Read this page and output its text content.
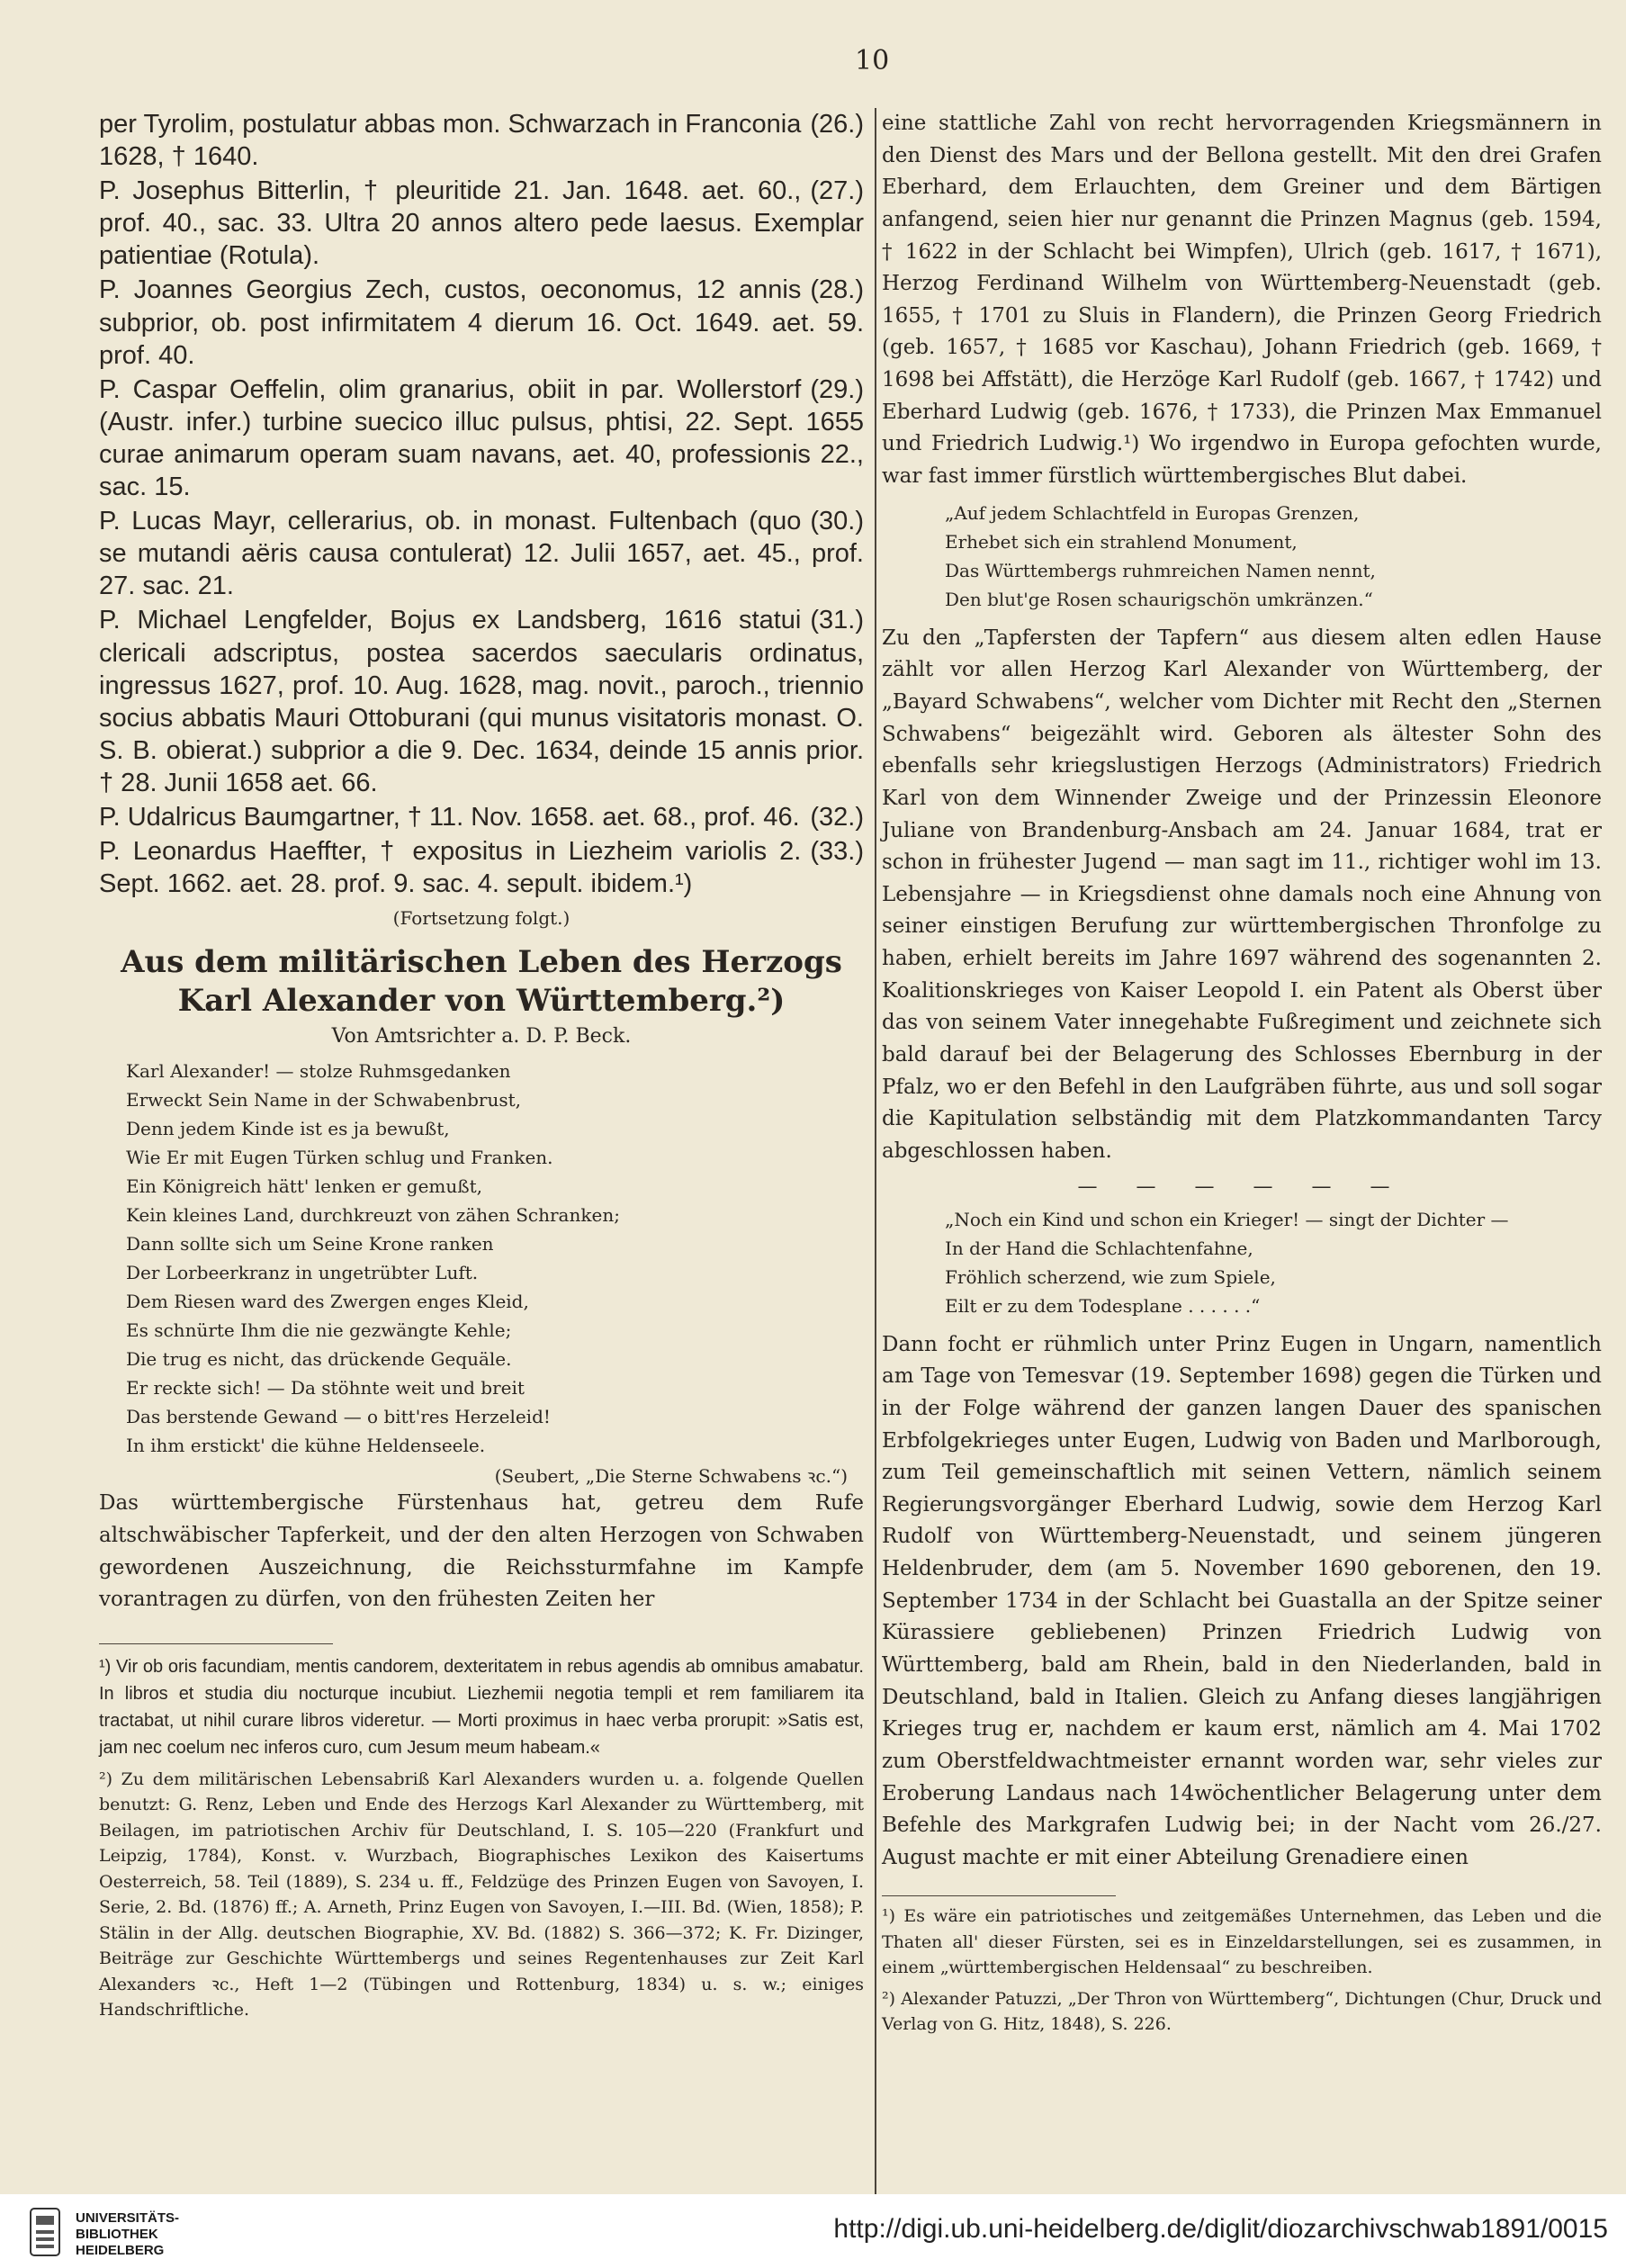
10

(26.)
per Tyrolim, postulatur abbas mon. Schwarzach in Franconia 1628, † 1640.

(27.)
P. Josephus Bitterlin, † pleuritide 21. Jan. 1648. aet. 60., prof. 40., sac. 33. Ultra 20 annos altero pede laesus. Exemplar patientiae (Rotula).

(28.)
P. Joannes Georgius Zech, custos, oeconomus, 12 annis subprior, ob. post infirmitatem 4 dierum 16. Oct. 1649. aet. 59. prof. 40.

(29.)
P. Caspar Oeffelin, olim granarius, obiit in par. Wollerstorf (Austr. infer.) turbine suecico illuc pulsus, phtisi, 22. Sept. 1655 curae animarum operam suam navans, aet. 40, professionis 22., sac. 15.

(30.)
P. Lucas Mayr, cellerarius, ob. in monast. Fultenbach (quo se mutandi aëris causa contulerat) 12. Julii 1657, aet. 45., prof. 27. sac. 21.

(31.)
P. Michael Lengfelder, Bojus ex Landsberg, 1616 statui clericali adscriptus, postea sacerdos saecularis ordinatus, ingressus 1627, prof. 10. Aug. 1628, mag. novit., paroch., triennio socius abbatis Mauri Ottoburani (qui munus visitatoris monast. O. S. B. obierat.) subprior a die 9. Dec. 1634, deinde 15 annis prior. † 28. Junii 1658 aet. 66.

(32.)
P. Udalricus Baumgartner, † 11. Nov. 1658. aet. 68., prof. 46.

(33.)
P. Leonardus Haeffter, † expositus in Liezheim variolis 2. Sept. 1662. aet. 28. prof. 9. sac. 4. sepult. ibidem.¹)

(Fortsetzung folgt.)
Aus dem militärischen Leben des Herzogs Karl Alexander von Württemberg.²)
Von Amtsrichter a. D. P. Beck.
Karl Alexander! — stolze Ruhmsgedanken
Erweckt Sein Name in der Schwabenbrust,
Denn jedem Kinde ist es ja bewußt,
Wie Er mit Eugen Türken schlug und Franken.
Ein Königreich hätt' lenken er gemußt,
Kein kleines Land, durchkreuzt von zähen Schranken;
Dann sollte sich um Seine Krone ranken
Der Lorbeerkranz in ungetrübter Luft.
Dem Riesen ward des Zwergen enges Kleid,
Es schnürte Ihm die nie gezwängte Kehle;
Die trug es nicht, das drückende Gequäle.
Er reckte sich! — Da stöhnte weit und breit
Das berstende Gewand — o bitt'res Herzeleid!
In ihm erstickt' die kühne Heldenseele.
(Seubert, „Die Sterne Schwabens ꝛc.“)
Das württembergische Fürstenhaus hat, getreu dem Rufe altschwäbischer Tapferkeit, und der den alten Herzogen von Schwaben gewordenen Auszeichnung, die Reichssturmfahne im Kampfe vorantragen zu dürfen, von den frühesten Zeiten her
¹) Vir ob oris facundiam, mentis candorem, dexteritatem in rebus agendis ab omnibus amabatur. In libros et studia diu nocturque incubiut. Liezhemii negotia templi et rem familiarem ita tractabat, ut nihil curare libros videretur. — Morti proximus in haec verba prorupit: »Satis est, jam nec coelum nec inferos curo, cum Jesum meum habeam.«
²) Zu dem militärischen Lebensabriß Karl Alexanders wurden u. a. folgende Quellen benutzt: G. Renz, Leben und Ende des Herzogs Karl Alexander zu Württemberg, mit Beilagen, im patriotischen Archiv für Deutschland, I. S. 105—220 (Frankfurt und Leipzig, 1784), Konst. v. Wurzbach, Biographisches Lexikon des Kaisertums Oesterreich, 58. Teil (1889), S. 234 u. ff., Feldzüge des Prinzen Eugen von Savoyen, I. Serie, 2. Bd. (1876) ff.; A. Arneth, Prinz Eugen von Savoyen, I.—III. Bd. (Wien, 1858); P. Stälin in der Allg. deutschen Biographie, XV. Bd. (1882) S. 366—372; K. Fr. Dizinger, Beiträge zur Geschichte Württembergs und seines Regentenhauses zur Zeit Karl Alexanders ꝛc., Heft 1—2 (Tübingen und Rottenburg, 1834) u. s. w.; einiges Handschriftliche.
eine stattliche Zahl von recht hervorragenden Kriegsmännern in den Dienst des Mars und der Bellona gestellt. Mit den drei Grafen Eberhard, dem Erlauchten, dem Greiner und dem Bärtigen anfangend, seien hier nur genannt die Prinzen Magnus (geb. 1594, † 1622 in der Schlacht bei Wimpfen), Ulrich (geb. 1617, † 1671), Herzog Ferdinand Wilhelm von Württemberg-Neuenstadt (geb. 1655, † 1701 zu Sluis in Flandern), die Prinzen Georg Friedrich (geb. 1657, † 1685 vor Kaschau), Johann Friedrich (geb. 1669, † 1698 bei Affstätt), die Herzöge Karl Rudolf (geb. 1667, † 1742) und Eberhard Ludwig (geb. 1676, † 1733), die Prinzen Max Emmanuel und Friedrich Ludwig.¹) Wo irgendwo in Europa gefochten wurde, war fast immer fürstlich württembergisches Blut dabei.
„Auf jedem Schlachtfeld in Europas Grenzen,
Erhebet sich ein strahlend Monument,
Das Württembergs ruhmreichen Namen nennt,
Den blut'ge Rosen schaurigschön umkränzen.“
Zu den „Tapfersten der Tapfern“ aus diesem alten edlen Hause zählt vor allen Herzog Karl Alexander von Württemberg, der „Bayard Schwabens“, welcher vom Dichter mit Recht den „Sternen Schwabens“ beigezählt wird. Geboren als ältester Sohn des ebenfalls sehr kriegslustigen Herzogs (Administrators) Friedrich Karl von dem Winnender Zweige und der Prinzessin Eleonore Juliane von Brandenburg-Ansbach am 24. Januar 1684, trat er schon in frühester Jugend — man sagt im 11., richtiger wohl im 13. Lebensjahre — in Kriegsdienst ohne damals noch eine Ahnung von seiner einstigen Berufung zur württembergischen Thronfolge zu haben, erhielt bereits im Jahre 1697 während des sogenannten 2. Koalitionskrieges von Kaiser Leopold I. ein Patent als Oberst über das von seinem Vater innegehabte Fußregiment und zeichnete sich bald darauf bei der Belagerung des Schlosses Ebernburg in der Pfalz, wo er den Befehl in den Laufgräben führte, aus und soll sogar die Kapitulation selbständig mit dem Platzkommandanten Tarcy abgeschlossen haben.
— — — — — —
„Noch ein Kind und schon ein Krieger! — singt der Dichter —
In der Hand die Schlachtenfahne,
Fröhlich scherzend, wie zum Spiele,
Eilt er zu dem Todesplane . . . . . .“
Dann focht er rühmlich unter Prinz Eugen in Ungarn, namentlich am Tage von Temesvar (19. September 1698) gegen die Türken und in der Folge während der ganzen langen Dauer des spanischen Erbfolgekrieges unter Eugen, Ludwig von Baden und Marlborough, zum Teil gemeinschaftlich mit seinen Vettern, nämlich seinem Regierungsvorgänger Eberhard Ludwig, sowie dem Herzog Karl Rudolf von Württemberg-Neuenstadt, und seinem jüngeren Heldenbruder, dem (am 5. November 1690 geborenen, den 19. September 1734 in der Schlacht bei Guastalla an der Spitze seiner Kürassiere gebliebenen) Prinzen Friedrich Ludwig von Württemberg, bald am Rhein, bald in den Niederlanden, bald in Deutschland, bald in Italien. Gleich zu Anfang dieses langjährigen Krieges trug er, nachdem er kaum erst, nämlich am 4. Mai 1702 zum Oberstfeldwachtmeister ernannt worden war, sehr vieles zur Eroberung Landaus nach 14wöchentlicher Belagerung unter dem Befehle des Markgrafen Ludwig bei; in der Nacht vom 26./27. August machte er mit einer Abteilung Grenadiere einen
¹) Es wäre ein patriotisches und zeitgemäßes Unternehmen, das Leben und die Thaten all' dieser Fürsten, sei es in Einzeldarstellungen, sei es zusammen, in einem „württembergischen Heldensaal“ zu beschreiben.
²) Alexander Patuzzi, „Der Thron von Württemberg“, Dichtungen (Chur, Druck und Verlag von G. Hitz, 1848), S. 226.
UNIVERSITÄTS-
BIBLIOTHEK
HEIDELBERG
http://digi.ub.uni-heidelberg.de/diglit/diozarchivschwab1891/0015
